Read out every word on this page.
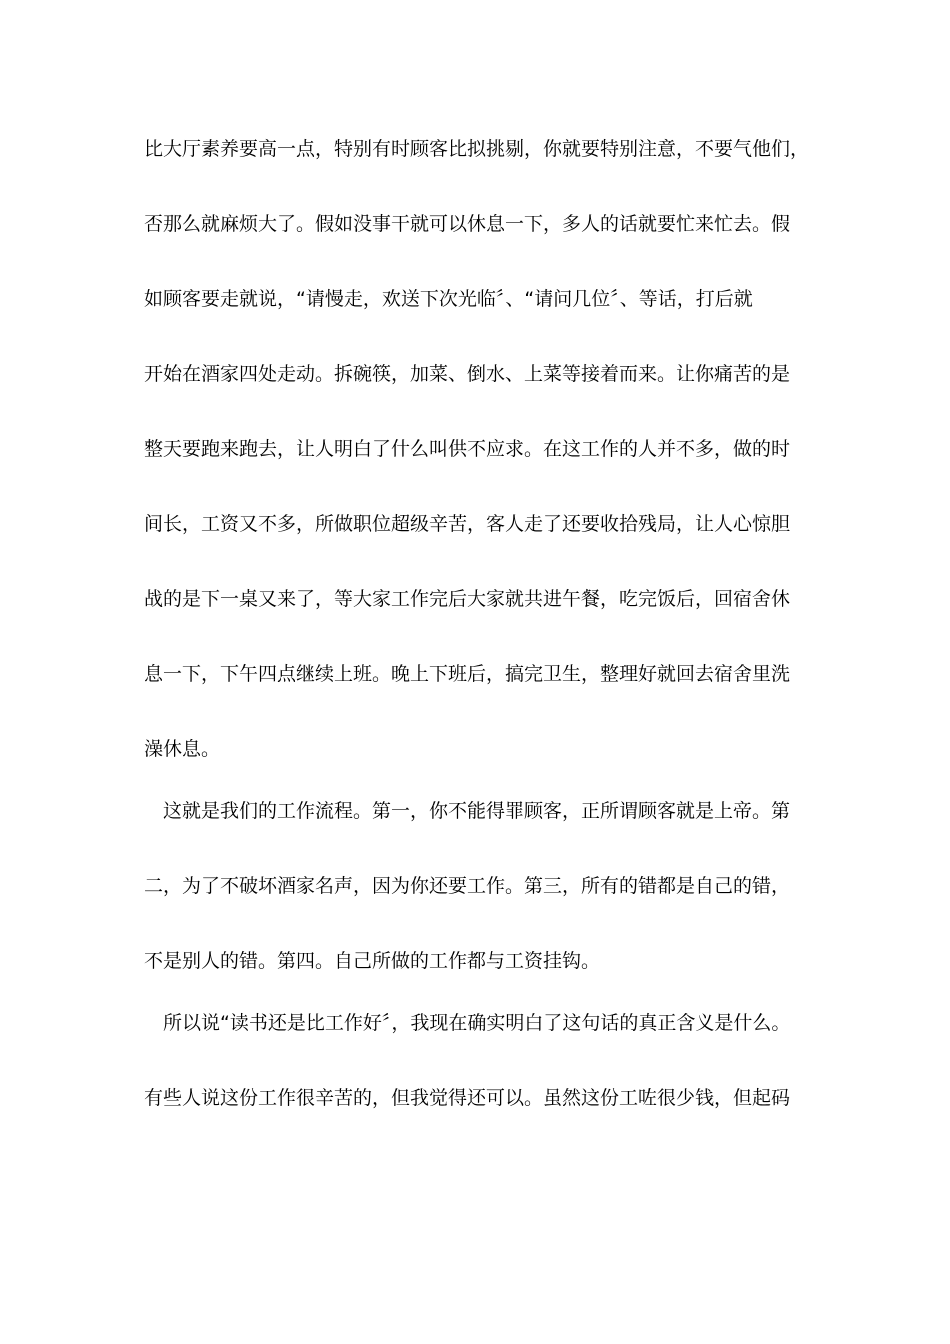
比大厅素养要高一点，特别有时顾客比拟挑剔，你就要特别注意，不要气他们，
否那么就麻烦大了。假如没事干就可以休息一下，多人的话就要忙来忙去。假
如顾客要走就说，“请慢走，欢送下次光临〞、“请问几位〞、等话，打后就
开始在酒家四处走动。拆碗筷，加菜、倒水、上菜等接着而来。让你痛苦的是
整天要跑来跑去，让人明白了什么叫供不应求。在这工作的人并不多，做的时
间长，工资又不多，所做职位超级辛苦，客人走了还要收拾残局，让人心惊胆
战的是下一桌又来了，等大家工作完后大家就共进午餐，吃完饭后，回宿舍休
息一下，下午四点继续上班。晚上下班后，搞完卫生，整理好就回去宿舍里洗
澡休息。
这就是我们的工作流程。第一，你不能得罪顾客，正所谓顾客就是上帝。第
二，为了不破坏酒家名声，因为你还要工作。第三，所有的错都是自己的错，
不是别人的错。第四。自己所做的工作都与工资挂钩。
所以说“读书还是比工作好〞，我现在确实明白了这句话的真正含义是什么。
有些人说这份工作很辛苦的，但我觉得还可以。虽然这份工咗很少钱，但起码
